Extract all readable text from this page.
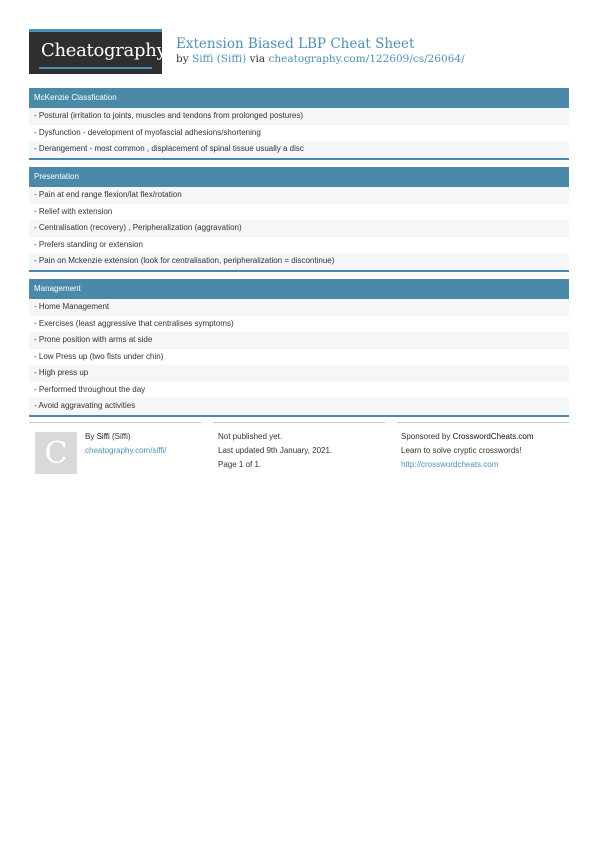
Cheatography Extension Biased LBP Cheat Sheet
by Siffi (Siffi) via cheatography.com/122609/cs/26064/
McKenzie Classfication
- Postural (irritation to joints, muscles and tendons from prolonged postures)
- Dysfunction - development of myofascial adhesions/shortening
- Derangement - most common , displacement of spinal tissue usually a disc
Presentation
- Pain at end range flexion/lat flex/rotation
- Relief with extension
- Centralisation (recovery) , Peripheralization (aggravation)
- Prefers standing or extension
- Pain on Mckenzie extension (look for centralisation, peripheralization = discontinue)
Management
- Home Management
- Exercises (least aggressive that centralises symptoms)
- Prone position with arms at side
- Low Press up (two fists under chin)
- High press up
- Performed throughout the day
- Avoid aggravating activities
C	By Siffi (Siffi)
cheatography.com/siffi/
Not published yet.
Last updated 9th January, 2021.
Page 1 of 1.
Sponsored by CrosswordCheats.com
Learn to solve cryptic crosswords!
http://crosswordcheats.com
